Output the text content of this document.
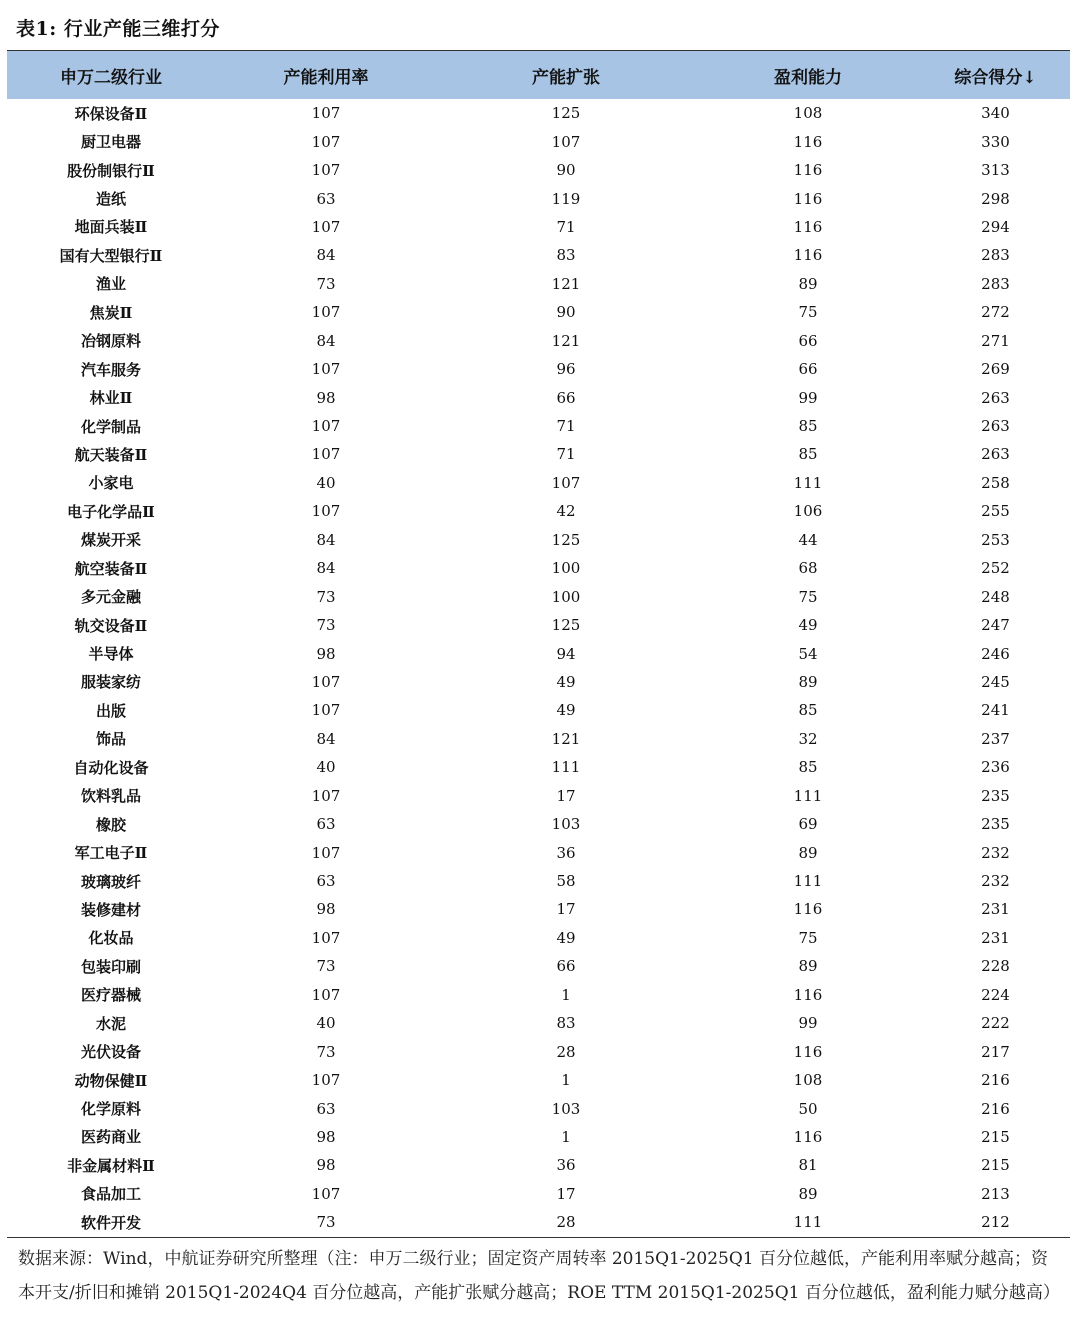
表1: 行业产能三维打分
申万二级行业	产能利用率	产能扩张	盈利能力	综合得分↓
环保设备Ⅱ	107	125	108	340
厨卫电器	107	107	116	330
股份制银行Ⅱ	107	90	116	313
造纸	63	119	116	298
地面兵装Ⅱ	107	71	116	294
国有大型银行Ⅱ	84	83	116	283
渔业	73	121	89	283
焦炭Ⅱ	107	90	75	272
冶钢原料	84	121	66	271
汽车服务	107	96	66	269
林业Ⅱ	98	66	99	263
化学制品	107	71	85	263
航天装备Ⅱ	107	71	85	263
小家电	40	107	111	258
电子化学品Ⅱ	107	42	106	255
煤炭开采	84	125	44	253
航空装备Ⅱ	84	100	68	252
多元金融	73	100	75	248
轨交设备Ⅱ	73	125	49	247
半导体	98	94	54	246
服装家纺	107	49	89	245
出版	107	49	85	241
饰品	84	121	32	237
自动化设备	40	111	85	236
饮料乳品	107	17	111	235
橡胶	63	103	69	235
军工电子Ⅱ	107	36	89	232
玻璃玻纤	63	58	111	232
装修建材	98	17	116	231
化妆品	107	49	75	231
包装印刷	73	66	89	228
医疗器械	107	1	116	224
水泥	40	83	99	222
光伏设备	73	28	116	217
动物保健Ⅱ	107	1	108	216
化学原料	63	103	50	216
医药商业	98	1	116	215
非金属材料Ⅱ	98	36	81	215
食品加工	107	17	89	213
软件开发	73	28	111	212
数据来源：Wind，中航证券研究所整理（注：申万二级行业；固定资产周转率 2015Q1-2025Q1 百分位越低，产能利用率赋分越高；资本开支/折旧和摊销 2015Q1-2024Q4 百分位越高，产能扩张赋分越高；ROE TTM 2015Q1-2025Q1 百分位越低，盈利能力赋分越高）
